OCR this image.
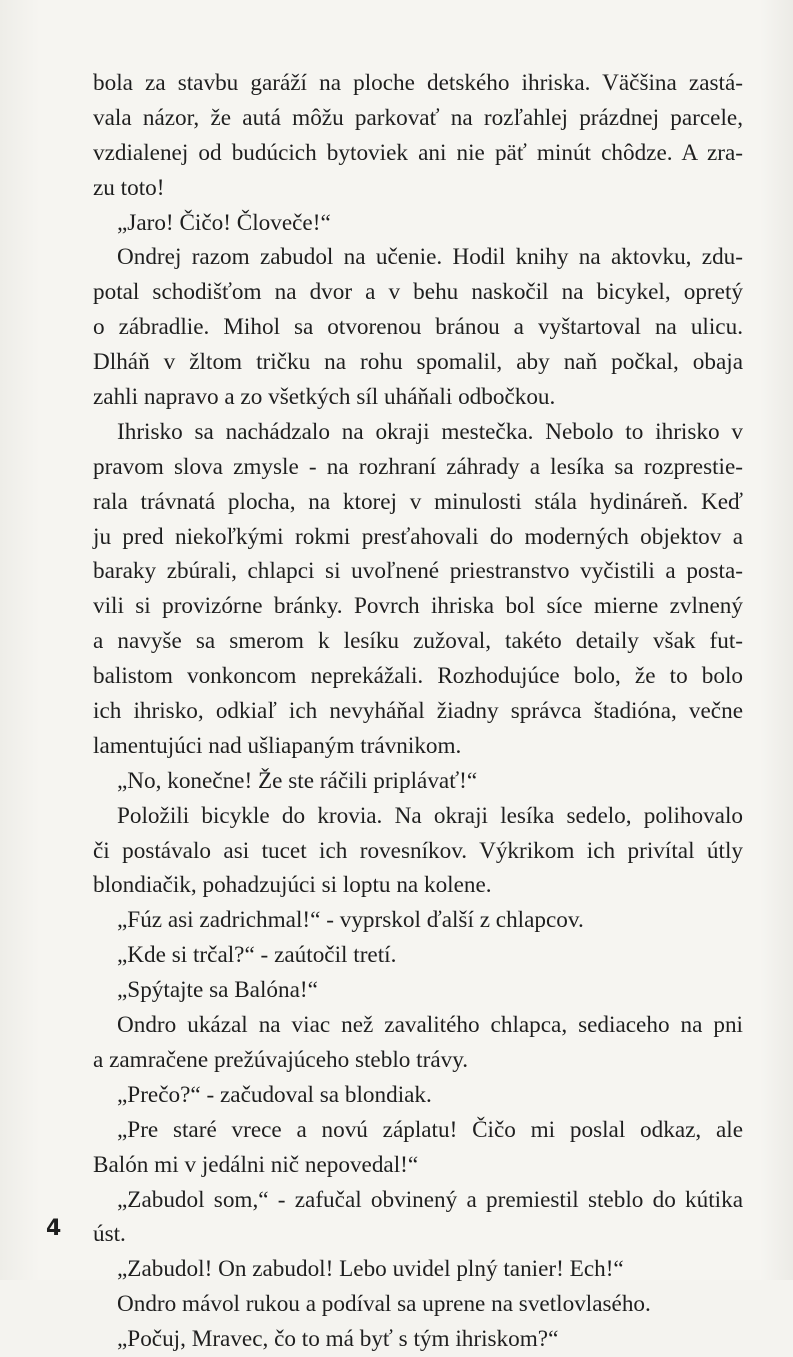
bola za stavbu garáží na ploche detského ihriska. Väčšina zastá-
vala názor, že autá môžu parkovať na rozľahlej prázdnej parcele,
vzdialenej od budúcich bytoviek ani nie päť minút chôdze. A zra-
zu toto!
„Jaro! Čičo! Človeče!“
Ondrej razom zabudol na učenie. Hodil knihy na aktovku, zdu-
potal schodišťom na dvor a v behu naskočil na bicykel, opretý
o zábradlie. Mihol sa otvorenou bránou a vyštartoval na ulicu.
Dlháň v žltom tričku na rohu spomalil, aby naň počkal, obaja
zahli napravo a zo všetkých síl uháňali odbočkou.
Ihrisko sa nachádzalo na okraji mestečka. Nebolo to ihrisko v
pravom slova zmysle - na rozhraní záhrady a lesíka sa rozprestie-
rala trávnatá plocha, na ktorej v minulosti stála hydináreň. Keď
ju pred niekoľkými rokmi presťahovali do moderných objektov a
baraky zbúrali, chlapci si uvoľnené priestranstvo vyčistili a posta-
vili si provizórne bránky. Povrch ihriska bol síce mierne zvlnený
a navyše sa smerom k lesíku zužoval, takéto detaily však fut-
balistom vonkoncom neprekážali. Rozhodujúce bolo, že to bolo
ich ihrisko, odkiaľ ich nevyháňal žiadny správca štadióna, večne
lamentujúci nad ušliapaným trávnikom.
„No, konečne! Že ste ráčili priplávať!“
Položili bicykle do krovia. Na okraji lesíka sedelo, polihovalo
či postávalo asi tucet ich rovesníkov. Výkrikom ich privítal útly
blondiačik, pohadzujúci si loptu na kolene.
„Fúz asi zadrichmal!“ - vyprskol ďalší z chlapcov.
„Kde si trčal?“ - zaútočil tretí.
„Spýtajte sa Balóna!“
Ondro ukázal na viac než zavalitého chlapca, sediaceho na pni
a zamračene prežúvajúceho steblo trávy.
„Prečo?“ - začudoval sa blondiak.
„Pre staré vrece a novú záplatu! Čičo mi poslal odkaz, ale
Balón mi v jedálni nič nepovedal!“
„Zabudol som,“ - zafučal obvinený a premiestil steblo do kútika
úst.
„Zabudol! On zabudol! Lebo uvidel plný tanier! Ech!“
Ondro mávol rukou a podíval sa uprene na svetlovlasého.
„Počuj, Mravec, čo to má byť s tým ihriskom?“
4
